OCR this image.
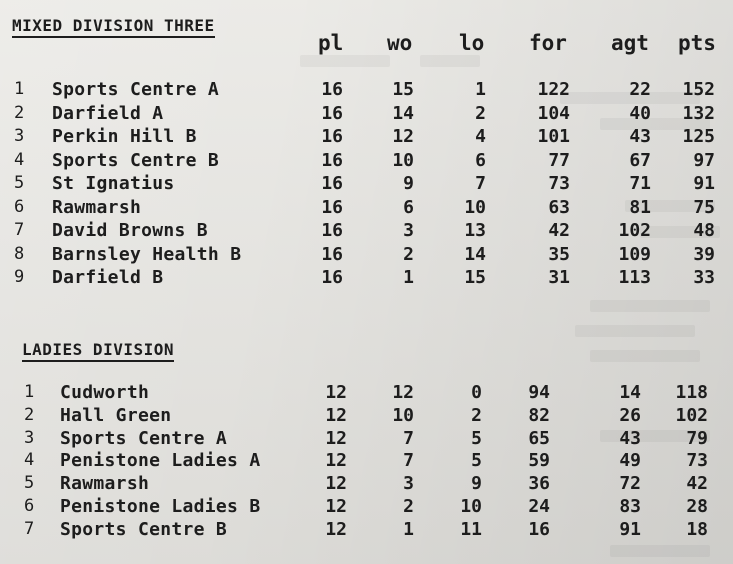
MIXED DIVISION THREE
pl wo lo for agt pts
1 Sports Centre A	16	15	1	122	22 152
2 Darfield A	16	14	2	104	40 132
3 Perkin Hill B	16	12	4	101	43 125
4 Sports Centre B	16	10	6	77	67 97
5 St Ignatius	16	9	7	73	71 91
6 Rawmarsh	16	6	10	63	81 75
7 David Browns B	16	3	13	42	102 48
8 Barnsley Health B	16	2	14	35	109 39
9 Darfield B	16	1	15	31	113 33
LADIES DIVISION
1 Cudworth	12	12	0	94	14 118
2 Hall Green	12	10	2	82	26 102
3 Sports Centre A	12	7	5	65	43	79
4 Penistone Ladies A	12	7	5	59	49	73
5 Rawmarsh	12	3	9	36	72	42
6 Penistone Ladies B	12	2	10	24	83	28
7 Sports Centre B	12	1	11	16	91	18
